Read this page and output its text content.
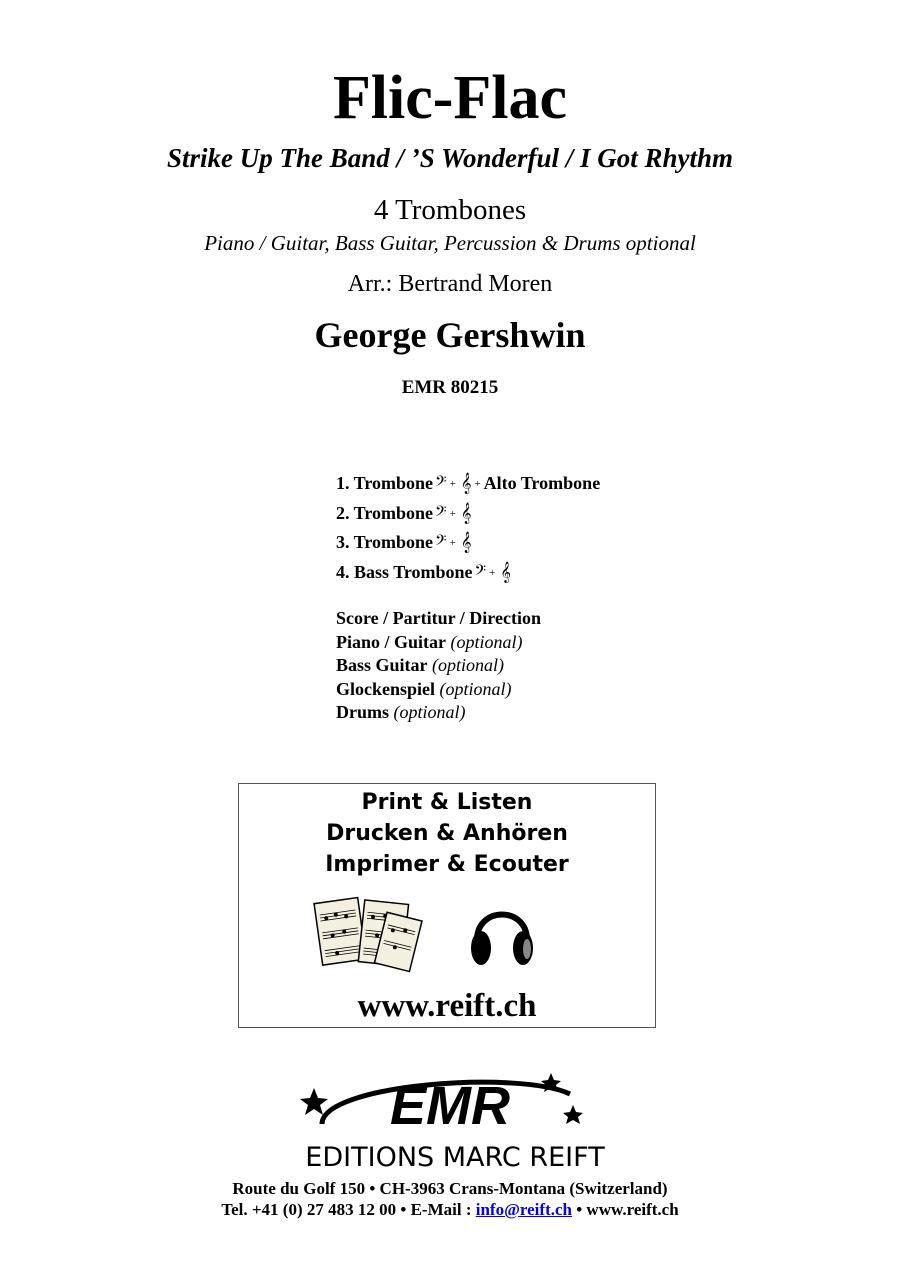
Flic-Flac
Strike Up The Band / ’S Wonderful / I Got Rhythm
4 Trombones
Piano / Guitar, Bass Guitar, Percussion & Drums optional
Arr.: Bertrand Moren
George Gershwin
EMR 80215
1. Trombone 𝄢 + 𝄞 + Alto Trombone
2. Trombone 𝄢 + 𝄞
3. Trombone 𝄢 + 𝄞
4. Bass Trombone 𝄢 + 𝄞
Score / Partitur / Direction
Piano / Guitar (optional)
Bass Guitar (optional)
Glockenspiel (optional)
Drums (optional)
Print & Listen
Drucken & Anhören
Imprimer & Ecouter
www.reift.ch
EMR
EDITIONS MARC REIFT
Route du Golf 150 • CH-3963 Crans-Montana (Switzerland)
Tel. +41 (0) 27 483 12 00 • E-Mail : info@reift.ch • www.reift.ch
